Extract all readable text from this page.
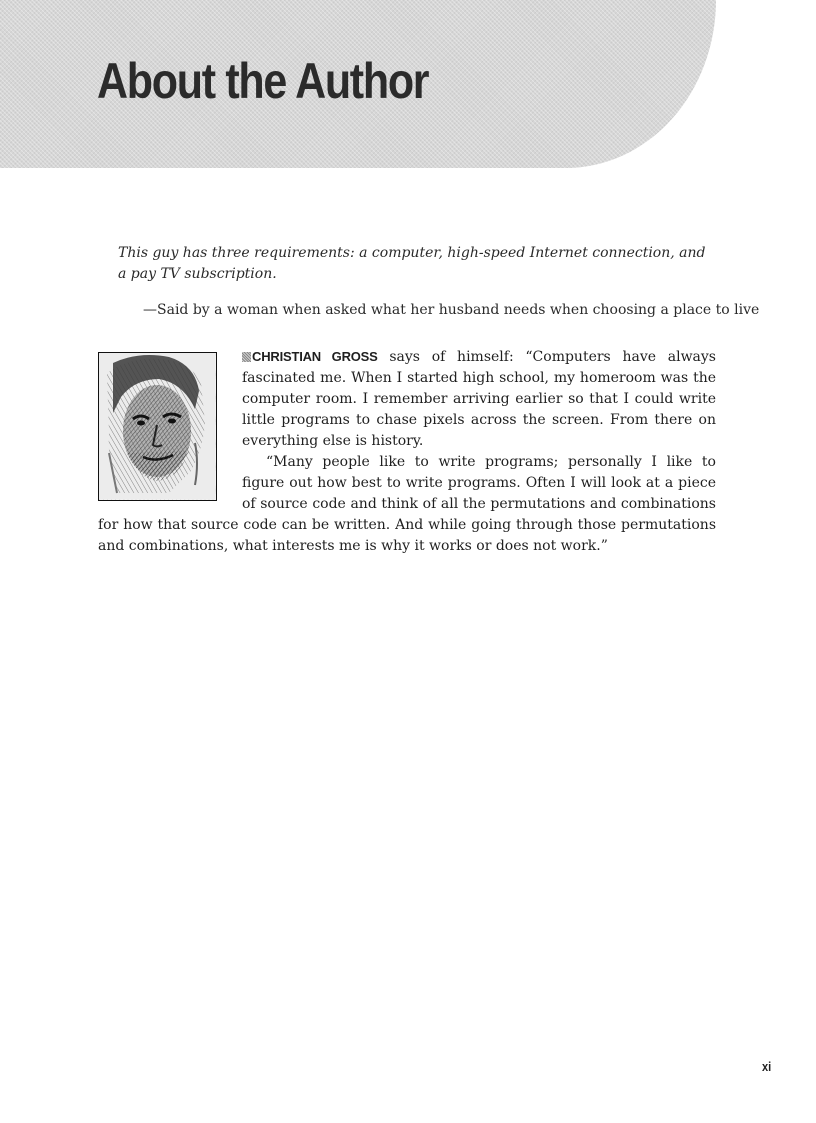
About the Author

This guy has three requirements: a computer, high-speed Internet connection, and a pay TV subscription.

—Said by a woman when asked what her husband needs when choosing a place to live

CHRISTIAN GROSS says of himself: “Computers have always fascinated me. When I started high school, my homeroom was the computer room. I remember arriving earlier so that I could write little programs to chase pixels across the screen. From there on everything else is history.

“Many people like to write programs; personally I like to figure out how best to write programs. Often I will look at a piece of source code and think of all the permutations and combinations for how that source code can be written. And while going through those permutations and combinations, what interests me is why it works or does not work.”

xi
